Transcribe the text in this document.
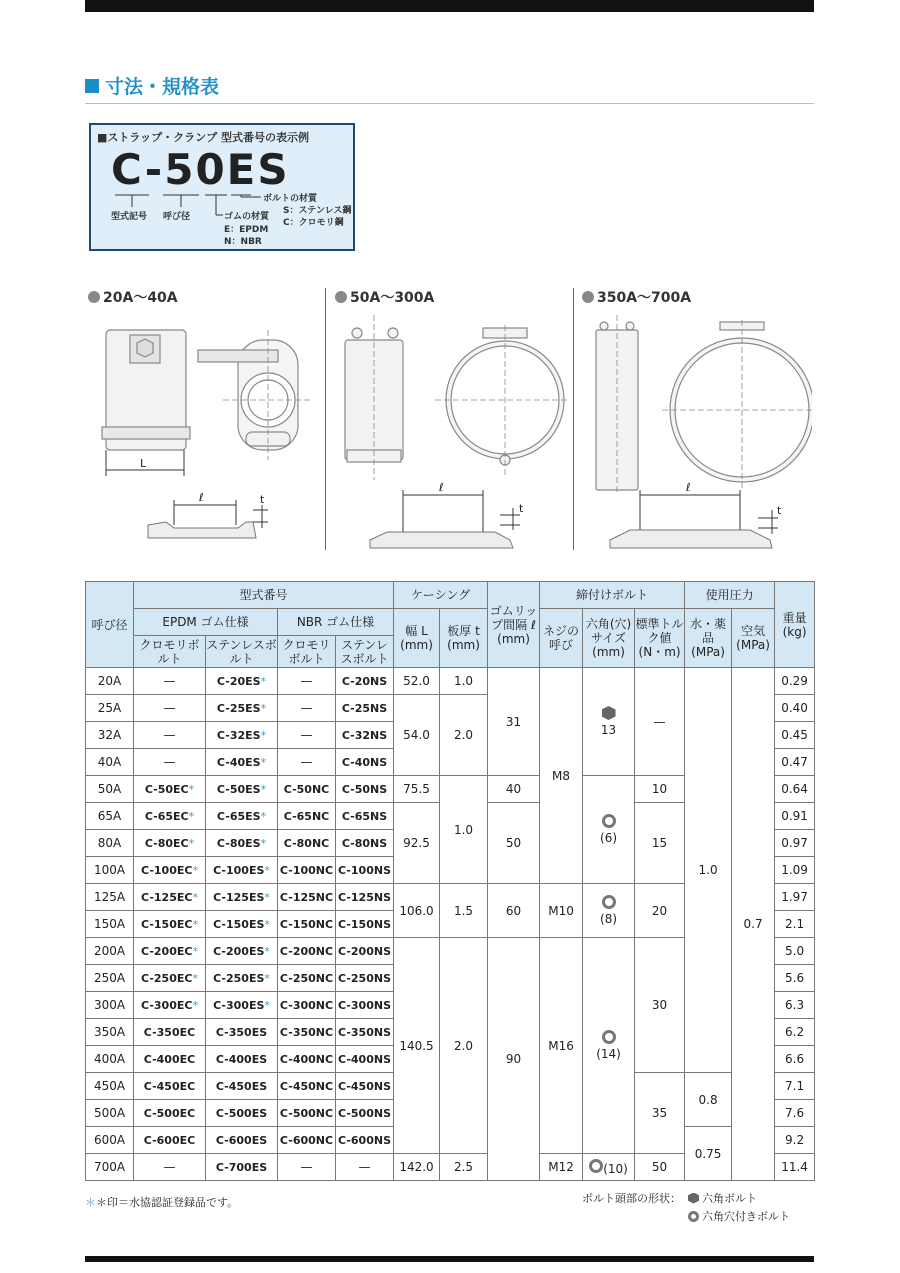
寸法・規格表
■ストラップ・クランプ 型式番号の表示例
C-50ES
型式記号 呼び径	ゴムの材質
E：EPDM
N：NBR
ボルトの材質
S：ステンレス鋼
C：クロモリ鋼
20A～40A	50A～300A	350A～700A
L
ℓ	t
ℓ
t
ℓ
t
呼び径	型式番号				ケーシング		ゴムリップ間隔 ℓ (mm)	締付けボルト			使用圧力		重量 (kg)
	EPDM ゴム仕様		NBR ゴム仕様		幅 L (mm)	板厚 t (mm)		ネジの呼び	六角(穴)サイズ (mm)	標準トルク値 (N・m)	水・薬品 (MPa)	空気 (MPa)	
	クロモリボルト	ステンレスボルト	クロモリボルト	ステンレスボルト									
20A	—	C-20ES*	—	C-20NS	52.0	1.0	31	M8	13	—	1.0	0.7	0.29
25A	—	C-25ES*	—	C-25NS	54.0	2.0							0.40
32A	—	C-32ES*	—	C-32NS									0.45
40A	—	C-40ES*	—	C-40NS									0.47
50A	C-50EC*	C-50ES*	C-50NC	C-50NS	75.5	1.0	40		(6)	10			0.64
65A	C-65EC*	C-65ES*	C-65NC	C-65NS	92.5		50			15			0.91
80A	C-80EC*	C-80ES*	C-80NC	C-80NS									0.97
100A	C-100EC*	C-100ES*	C-100NC	C-100NS									1.09
125A	C-125EC*	C-125ES*	C-125NC	C-125NS	106.0	1.5	60	M10	(8)	20			1.97
150A	C-150EC*	C-150ES*	C-150NC	C-150NS									2.1
200A	C-200EC*	C-200ES*	C-200NC	C-200NS	140.5	2.0	90	M16	(14)	30			5.0
250A	C-250EC*	C-250ES*	C-250NC	C-250NS									5.6
300A	C-300EC*	C-300ES*	C-300NC	C-300NS									6.3
350A	C-350EC	C-350ES	C-350NC	C-350NS									6.2
400A	C-400EC	C-400ES	C-400NC	C-400NS									6.6
450A	C-450EC	C-450ES	C-450NC	C-450NS						35	0.8		7.1
500A	C-500EC	C-500ES	C-500NC	C-500NS									7.6
600A	C-600EC	C-600ES	C-600NC	C-600NS							0.75		9.2
700A	—	C-700ES	—	—	142.0	2.5		M12	(10)	50			11.4
＊＊印＝水協認証登録品です。	ボルト頭部の形状： 六角ボルト
六角穴付きボルト
